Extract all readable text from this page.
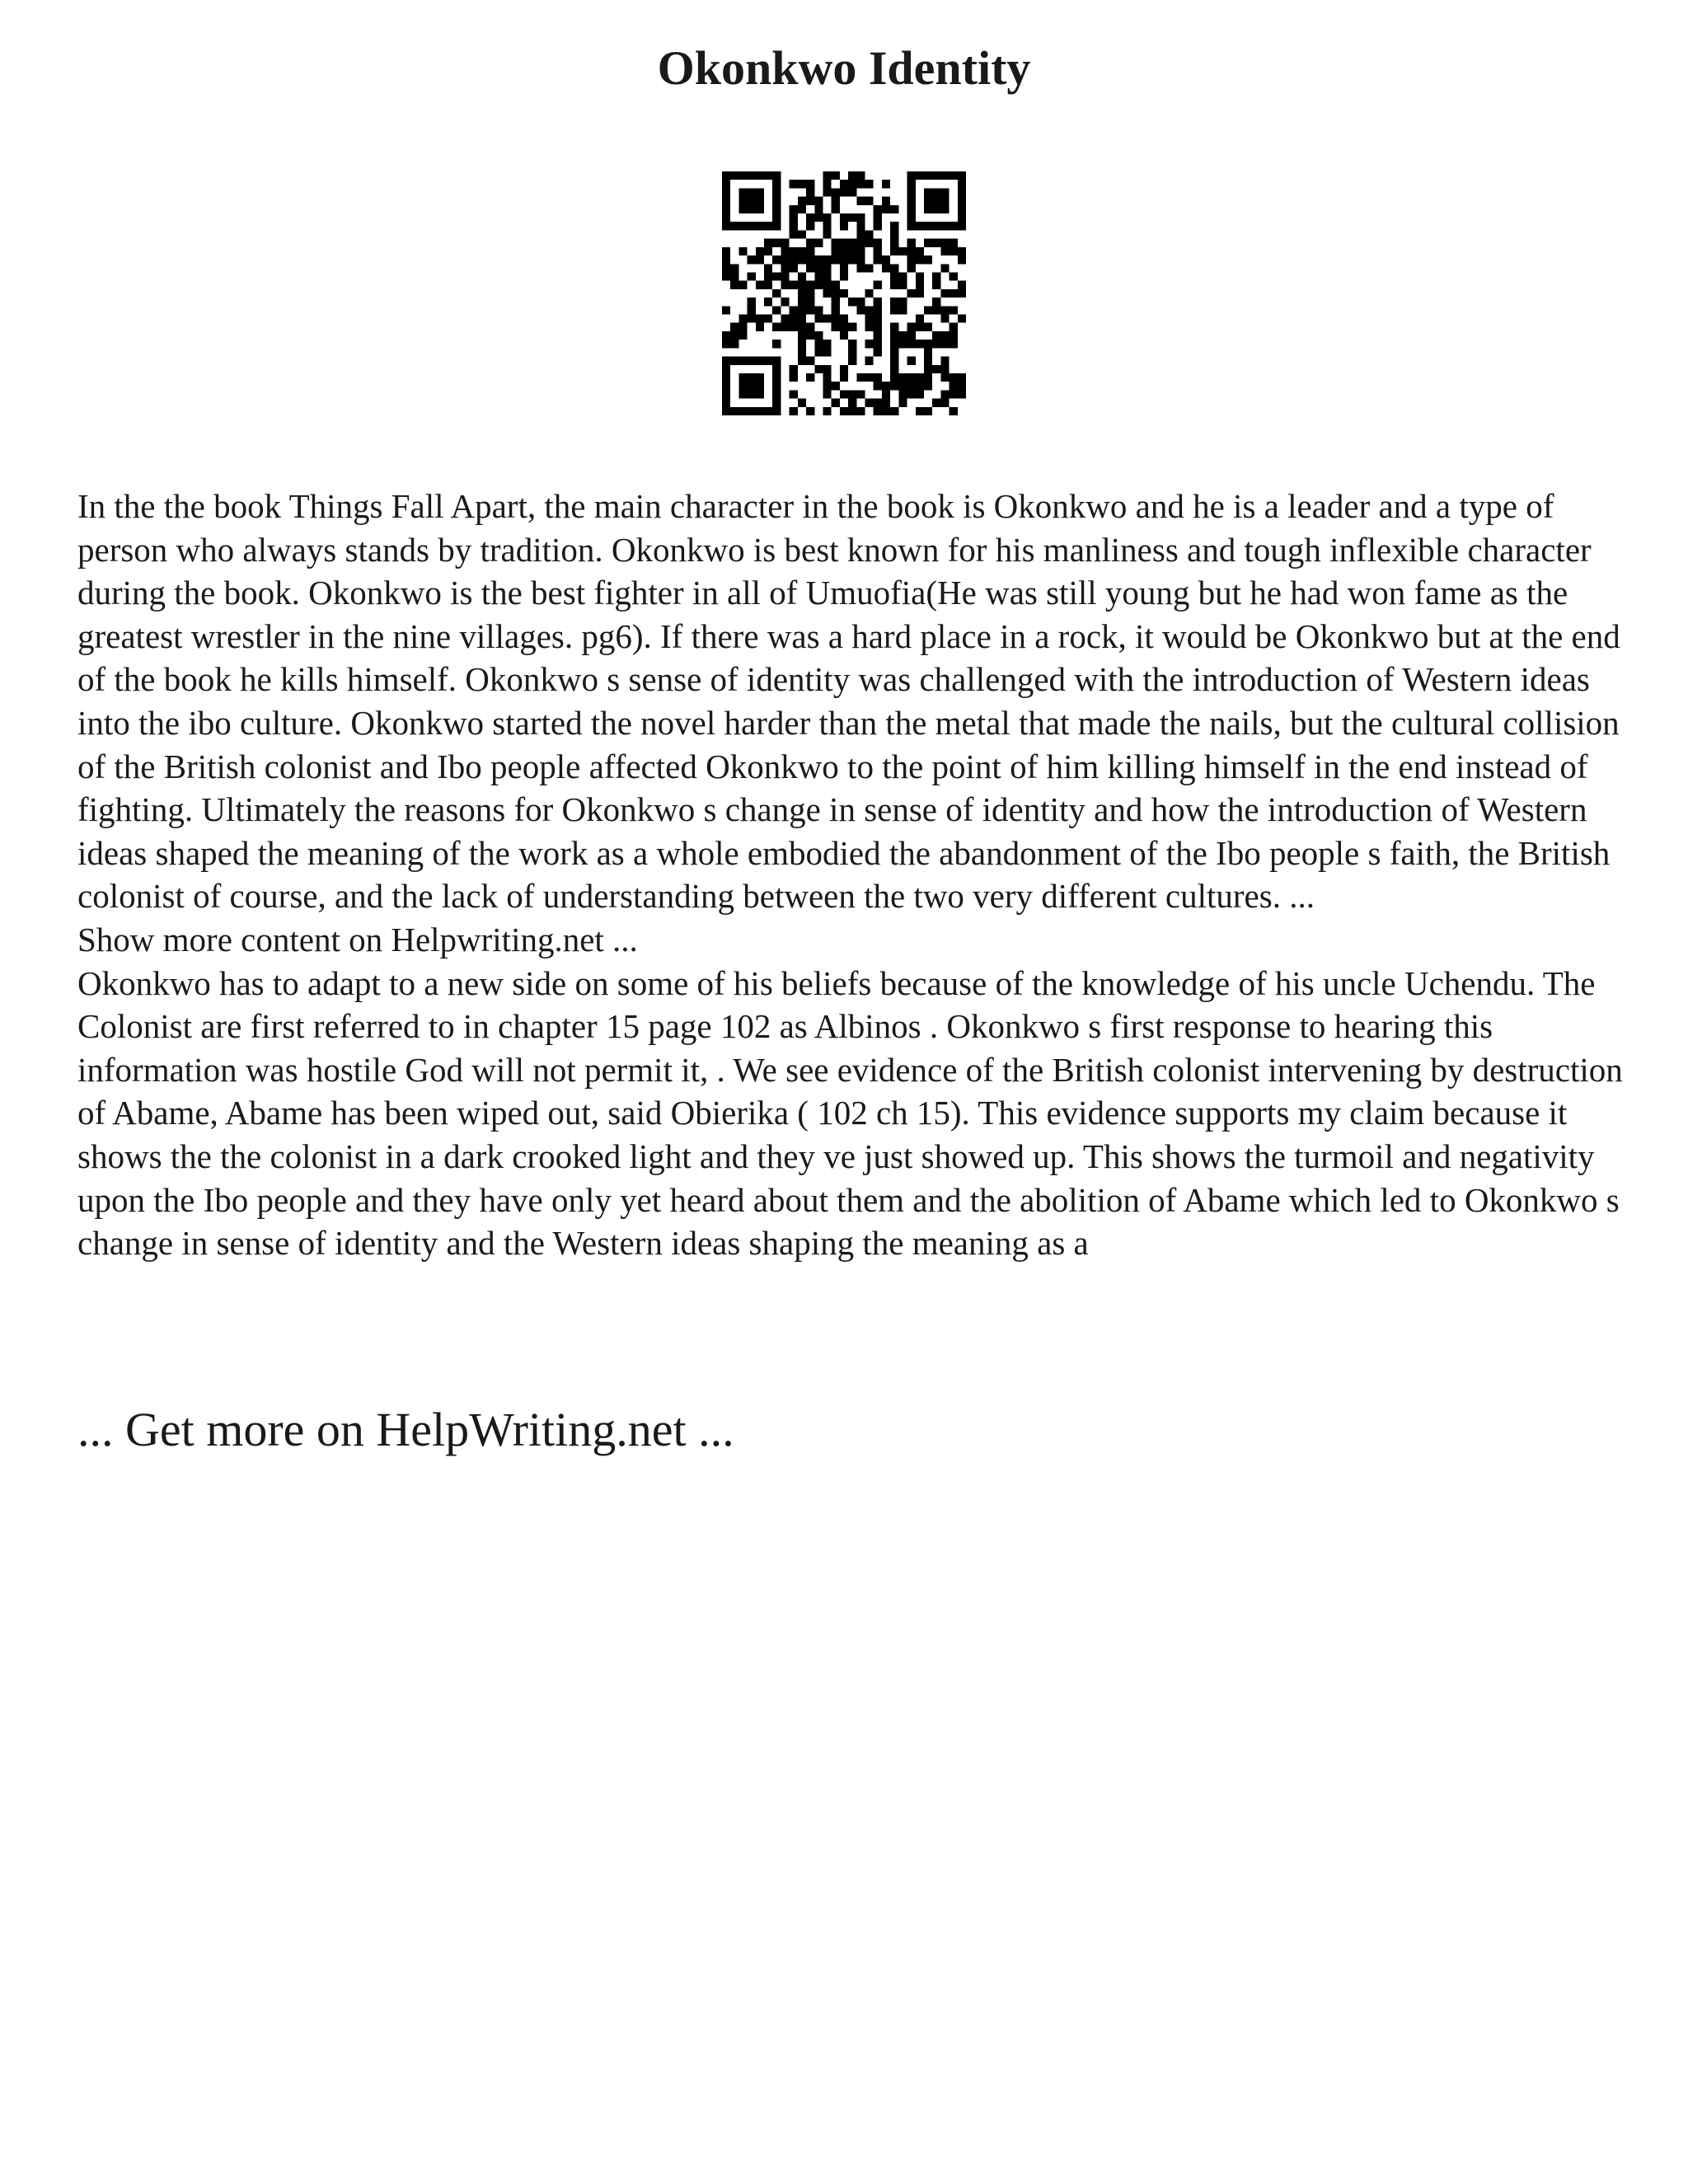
Okonkwo Identity

In the the book Things Fall Apart, the main character in the book is Okonkwo and he is a leader and a type of person who always stands by tradition. Okonkwo is best known for his manliness and tough inflexible character during the book. Okonkwo is the best fighter in all of Umuofia(He was still young but he had won fame as the greatest wrestler in the nine villages. pg6). If there was a hard place in a rock, it would be Okonkwo but at the end of the book he kills himself. Okonkwo s sense of identity was challenged with the introduction of Western ideas into the ibo culture. Okonkwo started the novel harder than the metal that made the nails, but the cultural collision of the British colonist and Ibo people affected Okonkwo to the point of him killing himself in the end instead of fighting. Ultimately the reasons for Okonkwo s change in sense of identity and how the introduction of Western ideas shaped the meaning of the work as a whole embodied the abandonment of the Ibo people s faith, the British colonist of course, and the lack of understanding between the two very different cultures. ...

Show more content on Helpwriting.net ...

Okonkwo has to adapt to a new side on some of his beliefs because of the knowledge of his uncle Uchendu. The Colonist are first referred to in chapter 15 page 102 as Albinos . Okonkwo s first response to hearing this information was hostile God will not permit it, . We see evidence of the British colonist intervening by destruction of Abame, Abame has been wiped out, said Obierika ( 102 ch 15). This evidence supports my claim because it shows the the colonist in a dark crooked light and they ve just showed up. This shows the turmoil and negativity upon the Ibo people and they have only yet heard about them and the abolition of Abame which led to Okonkwo s change in sense of identity and the Western ideas shaping the meaning as a

... Get more on HelpWriting.net ...
